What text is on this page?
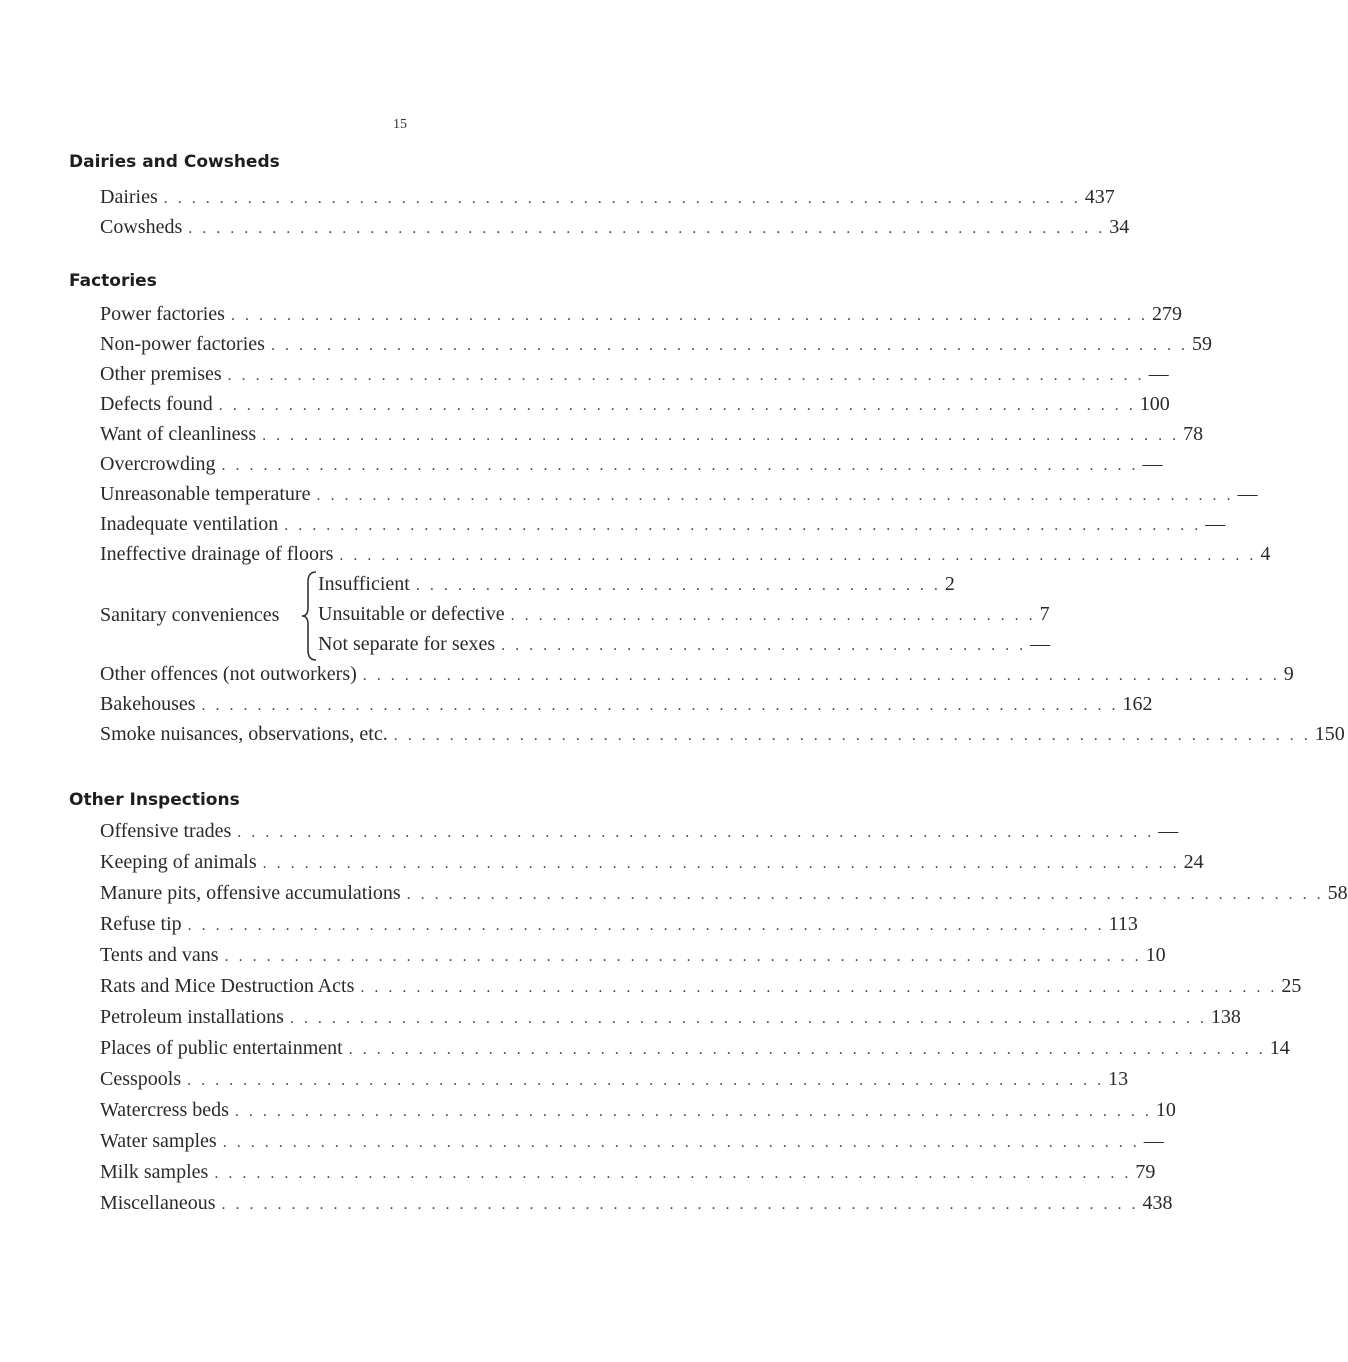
15
Dairies and Cowsheds
Dairies . . . . . . . . . . . . . . . . . . . . . . . . . . . . . . . . . . . . . . . . . . . . . . . . . . . . . . . . . . . . . . . . . . 437
Cowsheds . . . . . . . . . . . . . . . . . . . . . . . . . . . . . . . . . . . . . . . . . . . . . . . . . . . . . . . . . . . . . . . . . . 34
Factories
Power factories . . . . . . . . . . . . . . . . . . . . . . . . . . . . . . . . . . . . . . . . . . . . . . . . . . . . . . . . . . . . . . . . . . 279
Non-power factories . . . . . . . . . . . . . . . . . . . . . . . . . . . . . . . . . . . . . . . . . . . . . . . . . . . . . . . . . . . . . . . . . . 59
Other premises . . . . . . . . . . . . . . . . . . . . . . . . . . . . . . . . . . . . . . . . . . . . . . . . . . . . . . . . . . . . . . . . . . —
Defects found . . . . . . . . . . . . . . . . . . . . . . . . . . . . . . . . . . . . . . . . . . . . . . . . . . . . . . . . . . . . . . . . . . 100
Want of cleanliness . . . . . . . . . . . . . . . . . . . . . . . . . . . . . . . . . . . . . . . . . . . . . . . . . . . . . . . . . . . . . . . . . . 78
Overcrowding . . . . . . . . . . . . . . . . . . . . . . . . . . . . . . . . . . . . . . . . . . . . . . . . . . . . . . . . . . . . . . . . . . —
Unreasonable temperature . . . . . . . . . . . . . . . . . . . . . . . . . . . . . . . . . . . . . . . . . . . . . . . . . . . . . . . . . . . . . . . . . . —
Inadequate ventilation . . . . . . . . . . . . . . . . . . . . . . . . . . . . . . . . . . . . . . . . . . . . . . . . . . . . . . . . . . . . . . . . . . —
Ineffective drainage of floors . . . . . . . . . . . . . . . . . . . . . . . . . . . . . . . . . . . . . . . . . . . . . . . . . . . . . . . . . . . . . . . . . . 4
Sanitary conveniences
Insufficient . . . . . . . . . . . . . . . . . . . . . . . . . . . . . . . . . . . . . . 2
Unsuitable or defective . . . . . . . . . . . . . . . . . . . . . . . . . . . . . . . . . . . . . . 7
Not separate for sexes . . . . . . . . . . . . . . . . . . . . . . . . . . . . . . . . . . . . . . —
Other offences (not outworkers) . . . . . . . . . . . . . . . . . . . . . . . . . . . . . . . . . . . . . . . . . . . . . . . . . . . . . . . . . . . . . . . . . . 9
Bakehouses . . . . . . . . . . . . . . . . . . . . . . . . . . . . . . . . . . . . . . . . . . . . . . . . . . . . . . . . . . . . . . . . . . 162
Smoke nuisances, observations, etc. . . . . . . . . . . . . . . . . . . . . . . . . . . . . . . . . . . . . . . . . . . . . . . . . . . . . . . . . . . . . . . . . . . 150
Other Inspections
Offensive trades . . . . . . . . . . . . . . . . . . . . . . . . . . . . . . . . . . . . . . . . . . . . . . . . . . . . . . . . . . . . . . . . . . —
Keeping of animals . . . . . . . . . . . . . . . . . . . . . . . . . . . . . . . . . . . . . . . . . . . . . . . . . . . . . . . . . . . . . . . . . . 24
Manure pits, offensive accumulations . . . . . . . . . . . . . . . . . . . . . . . . . . . . . . . . . . . . . . . . . . . . . . . . . . . . . . . . . . . . . . . . . . 58
Refuse tip . . . . . . . . . . . . . . . . . . . . . . . . . . . . . . . . . . . . . . . . . . . . . . . . . . . . . . . . . . . . . . . . . . 113
Tents and vans . . . . . . . . . . . . . . . . . . . . . . . . . . . . . . . . . . . . . . . . . . . . . . . . . . . . . . . . . . . . . . . . . . 10
Rats and Mice Destruction Acts . . . . . . . . . . . . . . . . . . . . . . . . . . . . . . . . . . . . . . . . . . . . . . . . . . . . . . . . . . . . . . . . . . 25
Petroleum installations . . . . . . . . . . . . . . . . . . . . . . . . . . . . . . . . . . . . . . . . . . . . . . . . . . . . . . . . . . . . . . . . . . 138
Places of public entertainment . . . . . . . . . . . . . . . . . . . . . . . . . . . . . . . . . . . . . . . . . . . . . . . . . . . . . . . . . . . . . . . . . . 14
Cesspools . . . . . . . . . . . . . . . . . . . . . . . . . . . . . . . . . . . . . . . . . . . . . . . . . . . . . . . . . . . . . . . . . . 13
Watercress beds . . . . . . . . . . . . . . . . . . . . . . . . . . . . . . . . . . . . . . . . . . . . . . . . . . . . . . . . . . . . . . . . . . 10
Water samples . . . . . . . . . . . . . . . . . . . . . . . . . . . . . . . . . . . . . . . . . . . . . . . . . . . . . . . . . . . . . . . . . . —
Milk samples . . . . . . . . . . . . . . . . . . . . . . . . . . . . . . . . . . . . . . . . . . . . . . . . . . . . . . . . . . . . . . . . . . 79
Miscellaneous . . . . . . . . . . . . . . . . . . . . . . . . . . . . . . . . . . . . . . . . . . . . . . . . . . . . . . . . . . . . . . . . . . 438
